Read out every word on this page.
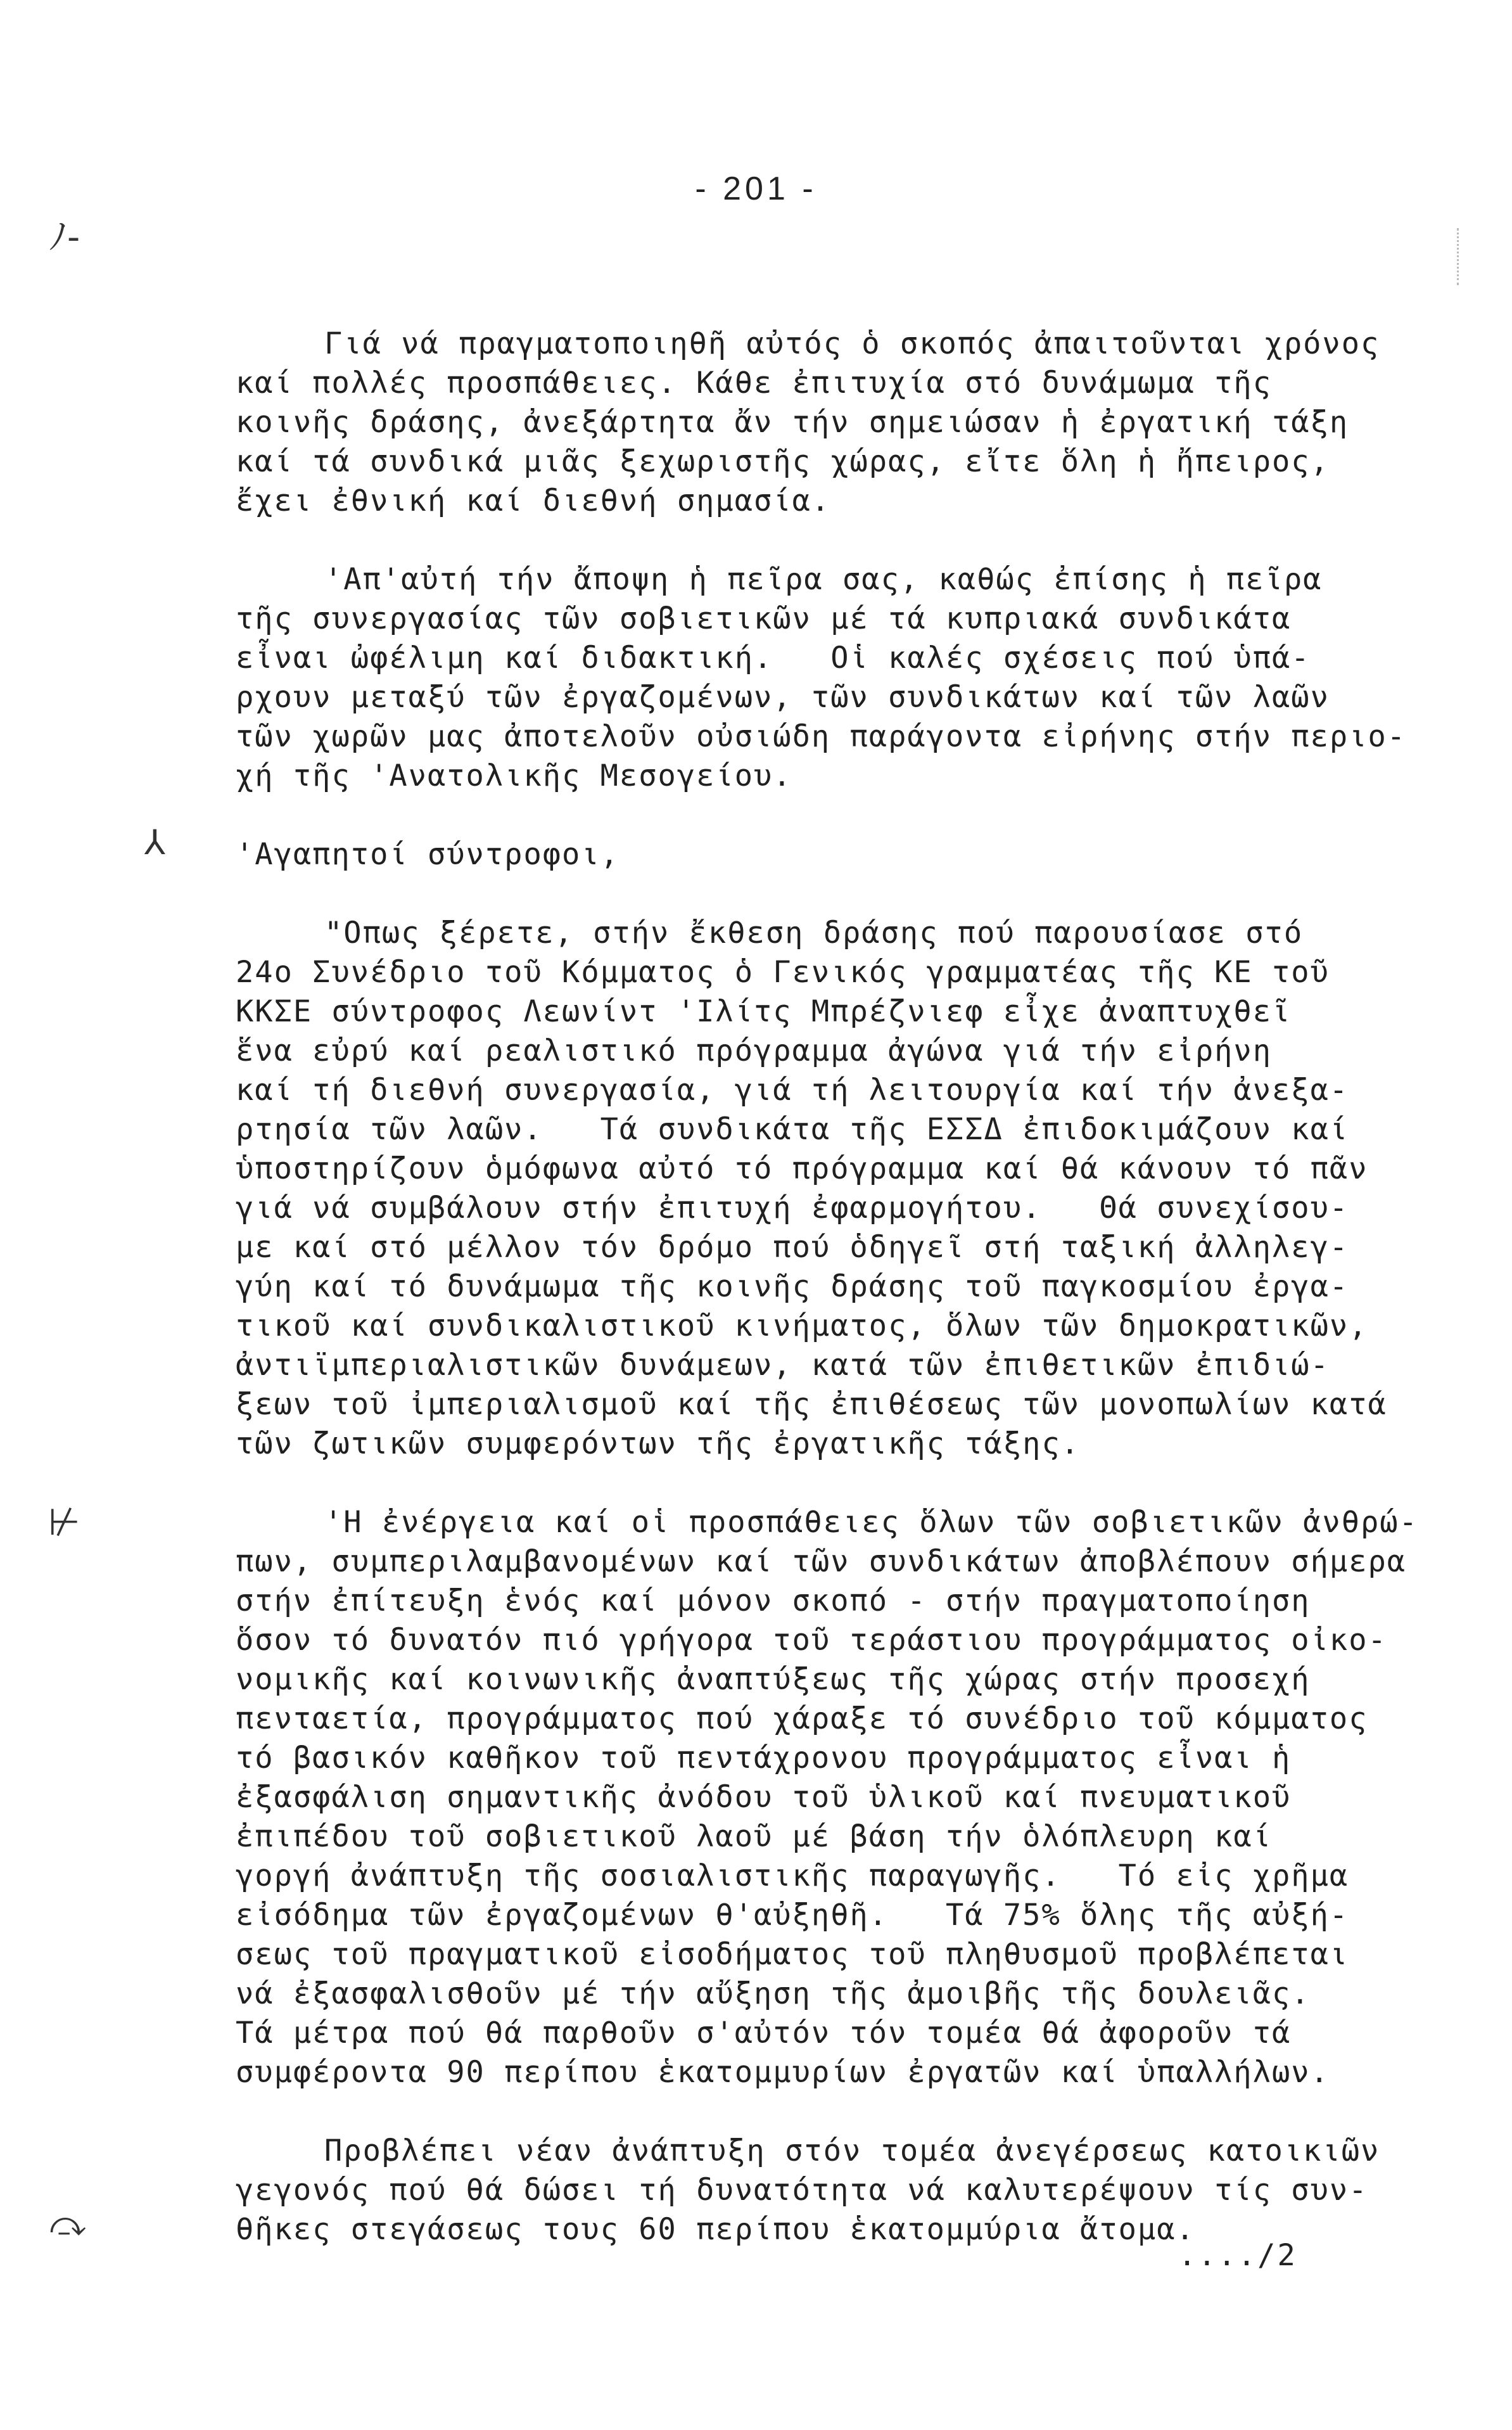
- 201 -
ﾉ-
⅄
⊬
⤼
Γιά νά πραγματοποιηθῆ αὐτός ὁ σκοπός ἀπαιτοῦνται χρόνος
καί πολλές προσπάθειες. Κάθε ἐπιτυχία στό δυνάμωμα τῆς
κοινῆς δράσης, ἀνεξάρτητα ἄν τήν σημειώσαν ἡ ἐργατική τάξη
καί τά συνδικά μιᾶς ξεχωριστῆς χώρας, εἴτε ὅλη ἡ ἤπειρος,
ἔχει ἐθνική καί διεθνή σημασία.
'Απ'αὐτή τήν ἄποψη ἡ πεῖρα σας, καθώς ἐπίσης ἡ πεῖρα
τῆς συνεργασίας τῶν σοβιετικῶν μέ τά κυπριακά συνδικάτα
εἶναι ὠφέλιμη καί διδακτική.   Οἱ καλές σχέσεις πού ὑπά-
ρχουν μεταξύ τῶν ἐργαζομένων, τῶν συνδικάτων καί τῶν λαῶν
τῶν χωρῶν μας ἀποτελοῦν οὐσιώδη παράγοντα εἰρήνης στήν περιο-
χή τῆς 'Ανατολικῆς Μεσογείου.
'Αγαπητοί σύντροφοι,
"Οπως ξέρετε, στήν ἔκθεση δράσης πού παρουσίασε στό
24ο Συνέδριο τοῦ Κόμματος ὁ Γενικός γραμματέας τῆς ΚΕ τοῦ
ΚΚΣΕ σύντροφος Λεωνίντ 'Ιλίτς Μπρέζνιεφ εἶχε ἀναπτυχθεῖ
ἕνα εὐρύ καί ρεαλιστικό πρόγραμμα ἀγώνα γιά τήν εἰρήνη
καί τή διεθνή συνεργασία, γιά τή λειτουργία καί τήν ἀνεξα-
ρτησία τῶν λαῶν.   Τά συνδικάτα τῆς ΕΣΣΔ ἐπιδοκιμάζουν καί
ὑποστηρίζουν ὁμόφωνα αὐτό τό πρόγραμμα καί θά κάνουν τό πᾶν
γιά νά συμβάλουν στήν ἐπιτυχή ἐφαρμογήτου.   Θά συνεχίσου-
με καί στό μέλλον τόν δρόμο πού ὁδηγεῖ στή ταξική ἀλληλεγ-
γύη καί τό δυνάμωμα τῆς κοινῆς δράσης τοῦ παγκοσμίου ἐργα-
τικοῦ καί συνδικαλιστικοῦ κινήματος, ὅλων τῶν δημοκρατικῶν,
ἀντιϊμπεριαλιστικῶν δυνάμεων, κατά τῶν ἐπιθετικῶν ἐπιδιώ-
ξεων τοῦ ἰμπεριαλισμοῦ καί τῆς ἐπιθέσεως τῶν μονοπωλίων κατά
τῶν ζωτικῶν συμφερόντων τῆς ἐργατικῆς τάξης.
'Η ἐνέργεια καί οἱ προσπάθειες ὅλων τῶν σοβιετικῶν ἀνθρώ-
πων, συμπεριλαμβανομένων καί τῶν συνδικάτων ἀποβλέπουν σήμερα
στήν ἐπίτευξη ἑνός καί μόνον σκοπό - στήν πραγματοποίηση
ὅσον τό δυνατόν πιό γρήγορα τοῦ τεράστιου προγράμματος οἰκο-
νομικῆς καί κοινωνικῆς ἀναπτύξεως τῆς χώρας στήν προσεχή
πενταετία, προγράμματος πού χάραξε τό συνέδριο τοῦ κόμματος
τό βασικόν καθῆκον τοῦ πεντάχρονου προγράμματος εἶναι ἡ
ἐξασφάλιση σημαντικῆς ἀνόδου τοῦ ὑλικοῦ καί πνευματικοῦ
ἐπιπέδου τοῦ σοβιετικοῦ λαοῦ μέ βάση τήν ὁλόπλευρη καί
γοργή ἀνάπτυξη τῆς σοσιαλιστικῆς παραγωγῆς.   Τό εἰς χρῆμα
εἰσόδημα τῶν ἐργαζομένων θ'αὐξηθῆ.   Τά 75% ὅλης τῆς αὐξή-
σεως τοῦ πραγματικοῦ εἰσοδήματος τοῦ πληθυσμοῦ προβλέπεται
νά ἐξασφαλισθοῦν μέ τήν αὔξηση τῆς ἀμοιβῆς τῆς δουλειᾶς.
Τά μέτρα πού θά παρθοῦν σ'αὐτόν τόν τομέα θά ἀφοροῦν τά
συμφέροντα 90 περίπου ἑκατομμυρίων ἐργατῶν καί ὑπαλλήλων.
Προβλέπει νέαν ἀνάπτυξη στόν τομέα ἀνεγέρσεως κατοικιῶν
γεγονός πού θά δώσει τή δυνατότητα νά καλυτερέψουν τίς συν-
θῆκες στεγάσεως τους 60 περίπου ἑκατομμύρια ἄτομα.
..../2
